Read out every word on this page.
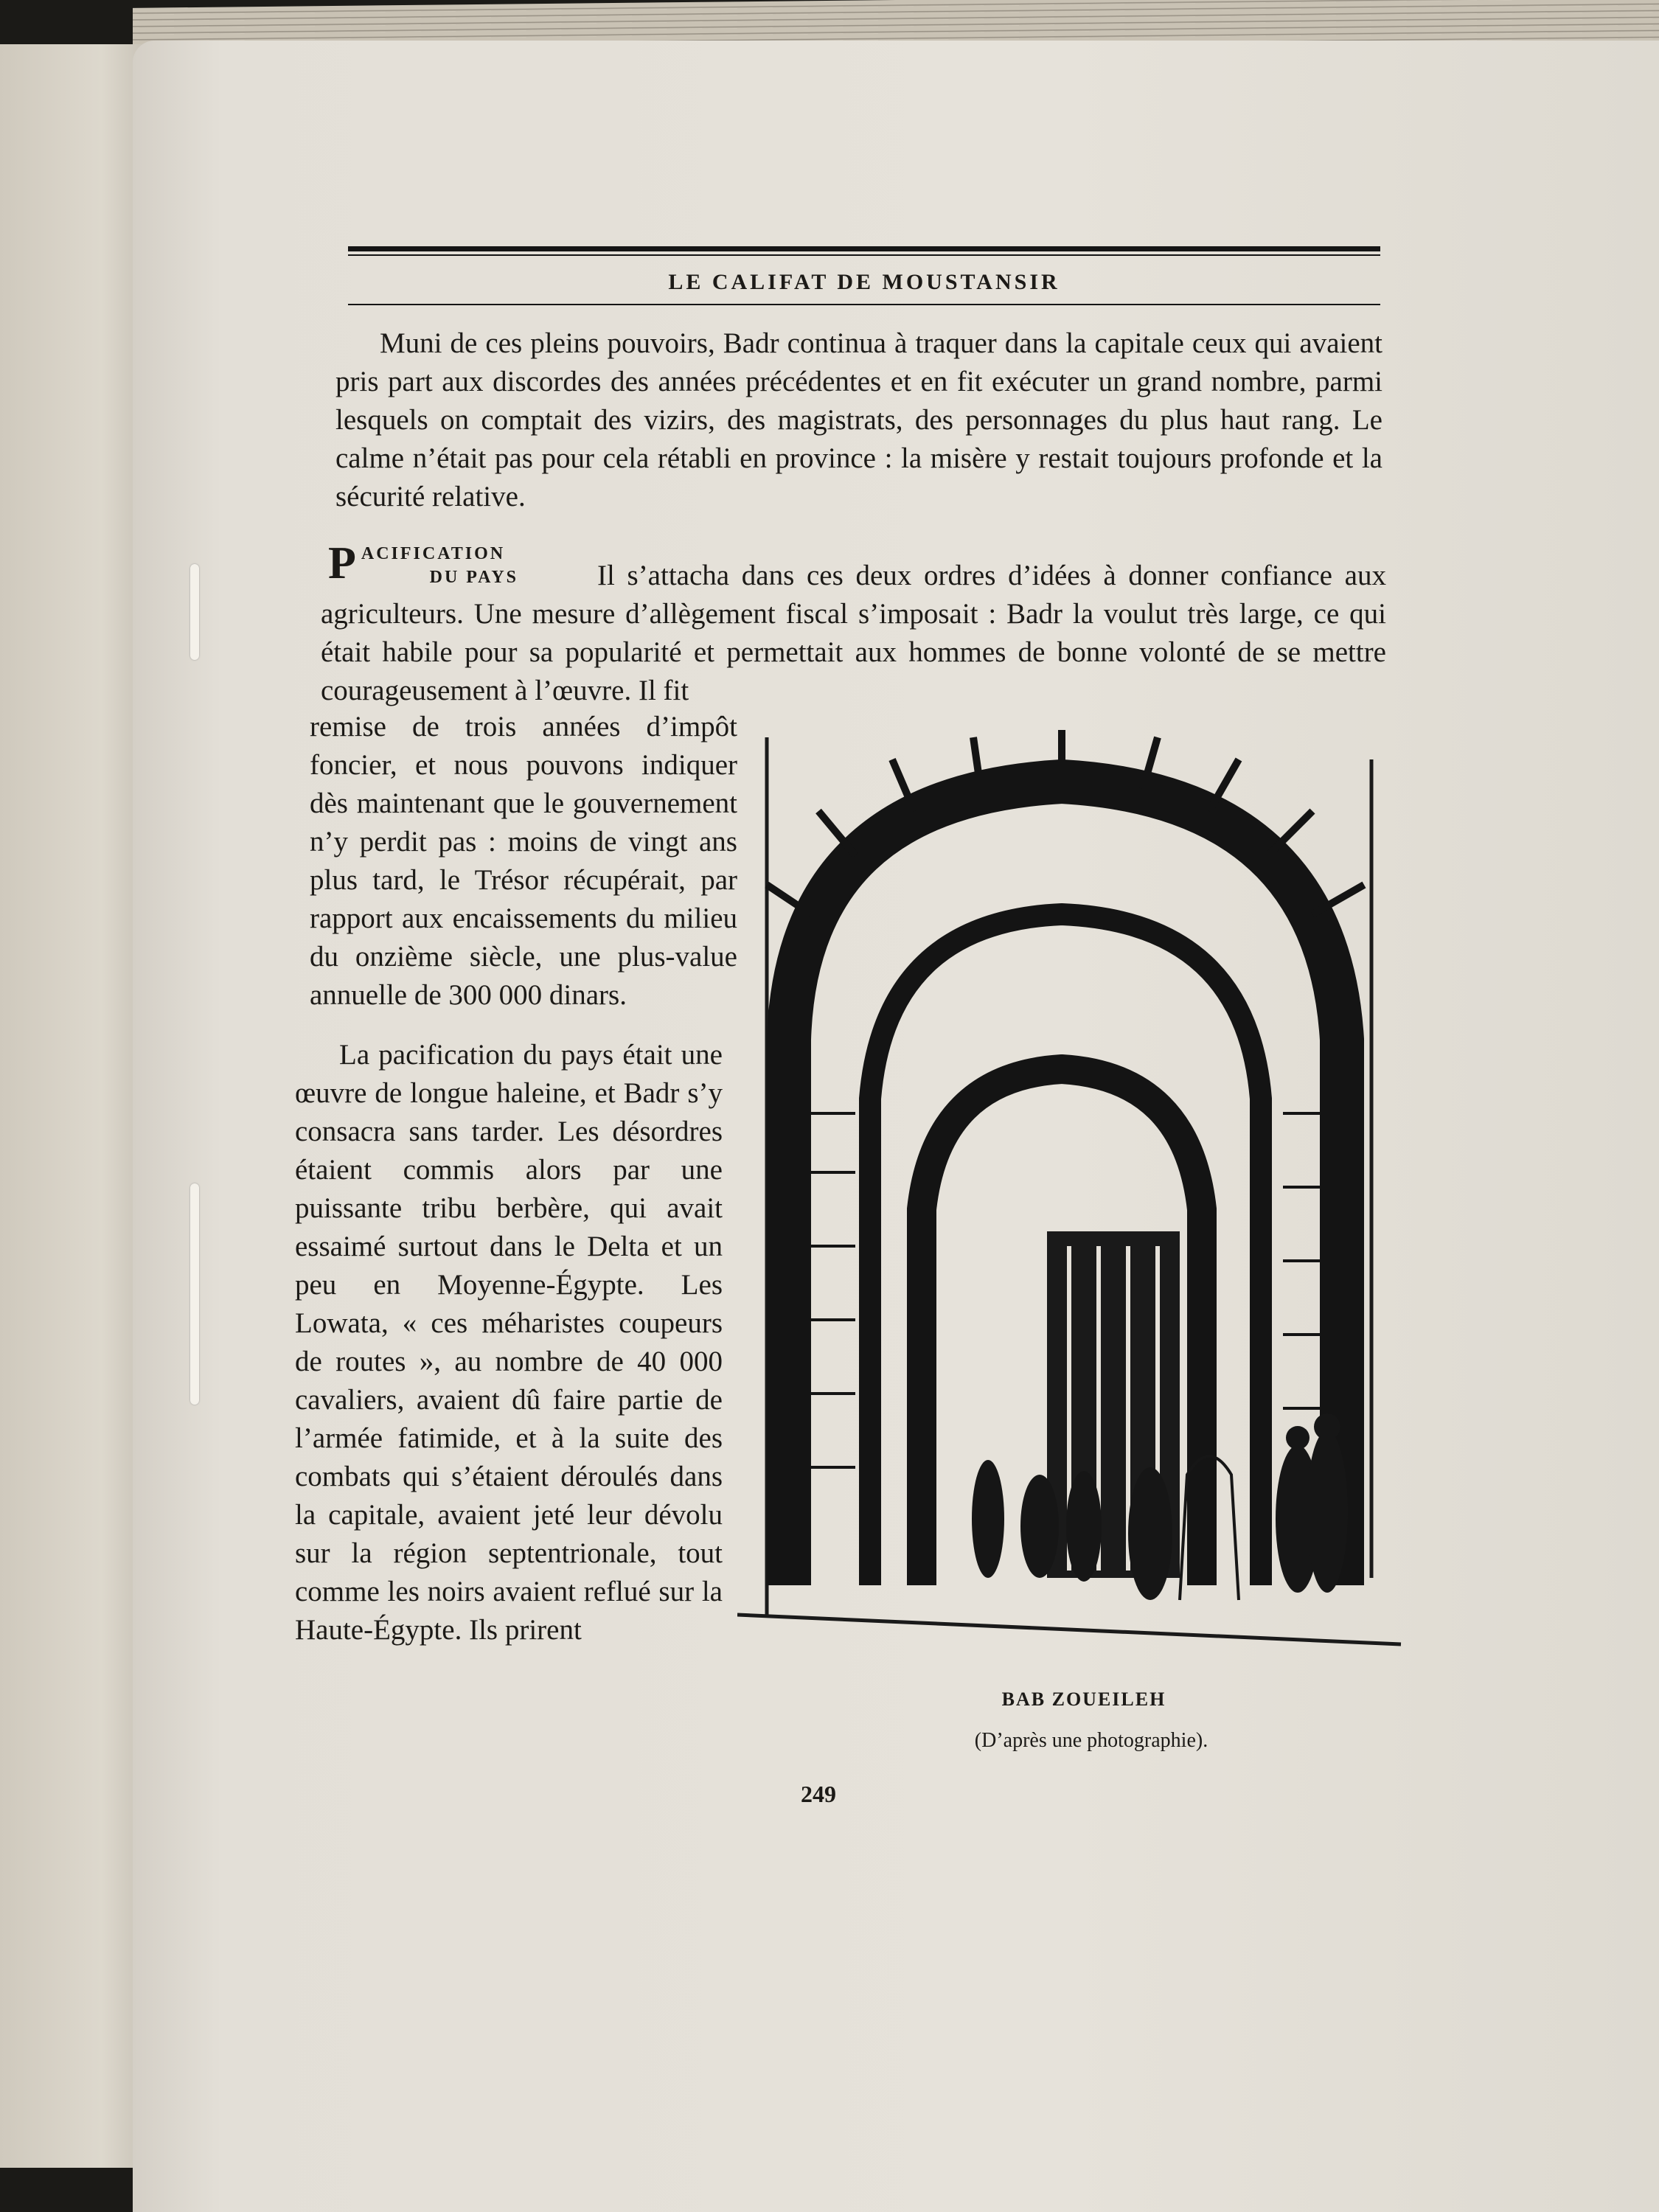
LE CALIFAT DE MOUSTANSIR

Muni de ces pleins pouvoirs, Badr continua à traquer dans la capitale ceux qui avaient pris part aux discordes des années précédentes et en fit exécuter un grand nombre, parmi lesquels on comptait des vizirs, des magistrats, des personnages du plus haut rang. Le calme n’était pas pour cela rétabli en province : la misère y restait toujours profonde et la sécurité relative.

PACIFICATION
DU PAYS	Il s’attacha dans ces deux ordres d’idées à donner confiance aux agriculteurs. Une mesure d’allègement fiscal s’imposait : Badr la voulut très large, ce qui était habile pour sa popularité et permettait aux hommes de bonne volonté de se mettre courageusement à l’œuvre. Il fit

remise de trois années d’impôt foncier, et nous pouvons indiquer dès maintenant que le gouvernement n’y perdit pas : moins de vingt ans plus tard, le Trésor récupérait, par rapport aux encaissements du milieu du onzième siècle, une plus-value annuelle de 300 000 dinars.

La pacification du pays était une œuvre de longue haleine, et Badr s’y consacra sans tarder. Les désordres étaient commis alors par une puissante tribu berbère, qui avait essaimé surtout dans le Delta et un peu en Moyenne-Égypte. Les Lowata, « ces méharistes coupeurs de routes », au nombre de 40 000 cavaliers, avaient dû faire partie de l’armée fatimide, et à la suite des combats qui s’étaient déroulés dans la capitale, avaient jeté leur dévolu sur la région septentrionale, tout comme les noirs avaient reflué sur la Haute-Égypte. Ils prirent

BAB ZOUEILEH
(D’après une photographie).
249
